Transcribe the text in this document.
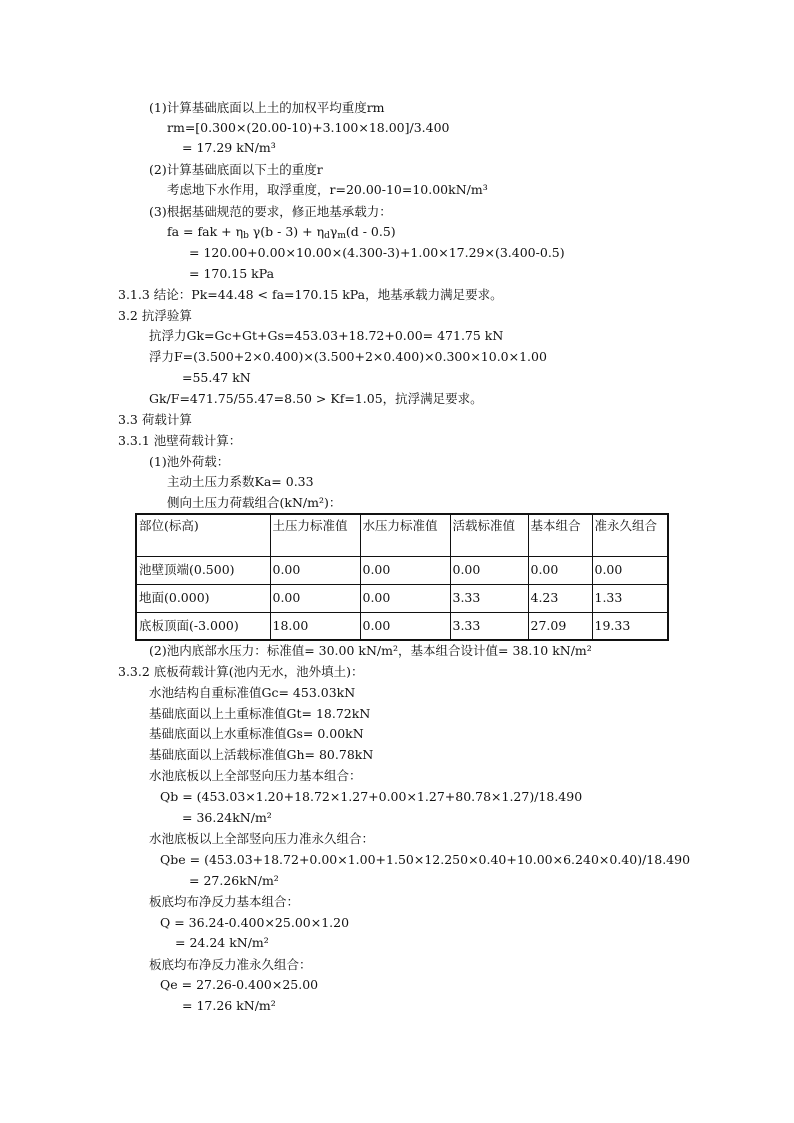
(1)计算基础底面以上土的加权平均重度rm
rm=[0.300×(20.00-10)+3.100×18.00]/3.400
= 17.29 kN/m³
(2)计算基础底面以下土的重度r
考虑地下水作用，取浮重度，r=20.00-10=10.00kN/m³
(3)根据基础规范的要求，修正地基承载力：
fa = fak + $\eta_b$ $\gamma(b - 3) + \eta_d\gamma_m(d - 0.5)$
= 120.00+0.00×10.00×(4.300-3)+1.00×17.29×(3.400-0.5)
= 170.15 kPa
3.1.3 结论：Pk=44.48 < fa=170.15 kPa，地基承载力满足要求。
3.2 抗浮验算
抗浮力Gk=Gc+Gt+Gs=453.03+18.72+0.00= 471.75 kN
浮力F=(3.500+2×0.400)×(3.500+2×0.400)×0.300×10.0×1.00
=55.47 kN
Gk/F=471.75/55.47=8.50 > Kf=1.05，抗浮满足要求。
3.3 荷载计算
3.3.1 池壁荷载计算：
(1)池外荷载：
主动土压力系数Ka= 0.33
侧向土压力荷载组合(kN/m²)：
部位(标高)	土压力标准值	水压力标准值	活载标准值	基本组合	准永久组合
池壁顶端(0.500)	0.00	0.00	0.00	0.00	0.00
地面(0.000)	0.00	0.00	3.33	4.23	1.33
底板顶面(-3.000)	18.00	0.00	3.33	27.09	19.33
(2)池内底部水压力：标准值= 30.00 kN/m²，基本组合设计值= 38.10 kN/m²
3.3.2 底板荷载计算(池内无水，池外填土)：
水池结构自重标准值Gc= 453.03kN
基础底面以上土重标准值Gt= 18.72kN
基础底面以上水重标准值Gs= 0.00kN
基础底面以上活载标准值Gh= 80.78kN
水池底板以上全部竖向压力基本组合：
Qb = (453.03×1.20+18.72×1.27+0.00×1.27+80.78×1.27)/18.490
= 36.24kN/m²
水池底板以上全部竖向压力准永久组合：
Qbe = (453.03+18.72+0.00×1.00+1.50×12.250×0.40+10.00×6.240×0.40)/18.490
= 27.26kN/m²
板底均布净反力基本组合：
Q = 36.24-0.400×25.00×1.20
= 24.24 kN/m²
板底均布净反力准永久组合：
Qe = 27.26-0.400×25.00
= 17.26 kN/m²
